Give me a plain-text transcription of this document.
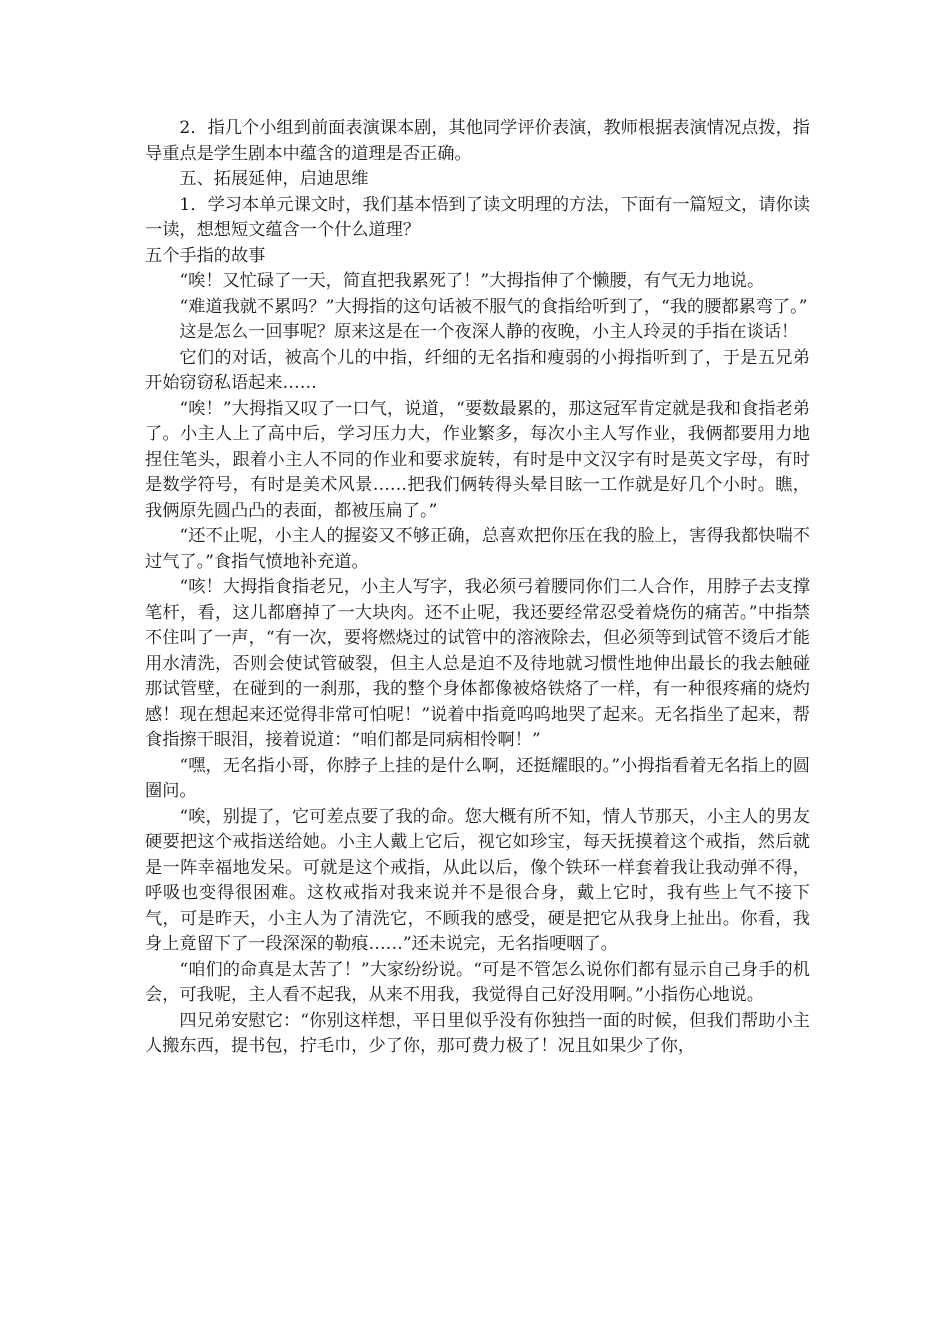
2．指几个小组到前面表演课本剧，其他同学评价表演，教师根据表演情况点拨，指导重点是学生剧本中蕴含的道理是否正确。

五、拓展延伸，启迪思维

1．学习本单元课文时，我们基本悟到了读文明理的方法，下面有一篇短文，请你读一读，想想短文蕴含一个什么道理？

五个手指的故事

“唉！又忙碌了一天，简直把我累死了！”大拇指伸了个懒腰，有气无力地说。

“难道我就不累吗？”大拇指的这句话被不服气的食指给听到了，“我的腰都累弯了。”

这是怎么一回事呢？原来这是在一个夜深人静的夜晚，小主人玲灵的手指在谈话！

它们的对话，被高个儿的中指，纤细的无名指和瘦弱的小拇指听到了，于是五兄弟开始窃窃私语起来……

“唉！”大拇指又叹了一口气，说道，“要数最累的，那这冠军肯定就是我和食指老弟了。小主人上了高中后，学习压力大，作业繁多，每次小主人写作业，我俩都要用力地捏住笔头，跟着小主人不同的作业和要求旋转，有时是中文汉字有时是英文字母，有时是数学符号，有时是美术风景……把我们俩转得头晕目眩一工作就是好几个小时。瞧，我俩原先圆凸凸的表面，都被压扁了。”

“还不止呢，小主人的握姿又不够正确，总喜欢把你压在我的脸上，害得我都快喘不过气了。”食指气愤地补充道。

“咳！大拇指食指老兄，小主人写字，我必须弓着腰同你们二人合作，用脖子去支撑笔杆，看，这儿都磨掉了一大块肉。还不止呢，我还要经常忍受着烧伤的痛苦。”中指禁不住叫了一声，“有一次，要将燃烧过的试管中的溶液除去，但必须等到试管不烫后才能用水清洗，否则会使试管破裂，但主人总是迫不及待地就习惯性地伸出最长的我去触碰那试管壁，在碰到的一刹那，我的整个身体都像被烙铁烙了一样，有一种很疼痛的烧灼感！现在想起来还觉得非常可怕呢！”说着中指竟呜呜地哭了起来。无名指坐了起来，帮食指擦干眼泪，接着说道：“咱们都是同病相怜啊！”

“嘿，无名指小哥，你脖子上挂的是什么啊，还挺耀眼的。”小拇指看着无名指上的圆圈问。

“唉，别提了，它可差点要了我的命。您大概有所不知，情人节那天，小主人的男友硬要把这个戒指送给她。小主人戴上它后，视它如珍宝，每天抚摸着这个戒指，然后就是一阵幸福地发呆。可就是这个戒指，从此以后，像个铁环一样套着我让我动弹不得，呼吸也变得很困难。这枚戒指对我来说并不是很合身，戴上它时，我有些上气不接下气，可是昨天，小主人为了清洗它，不顾我的感受，硬是把它从我身上扯出。你看，我身上竟留下了一段深深的勒痕……”还未说完，无名指哽咽了。

“咱们的命真是太苦了！”大家纷纷说。“可是不管怎么说你们都有显示自己身手的机会，可我呢，主人看不起我，从来不用我，我觉得自己好没用啊。”小指伤心地说。

四兄弟安慰它：“你别这样想，平日里似乎没有你独挡一面的时候，但我们帮助小主人搬东西，提书包，拧毛巾，少了你，那可费力极了！况且如果少了你，
